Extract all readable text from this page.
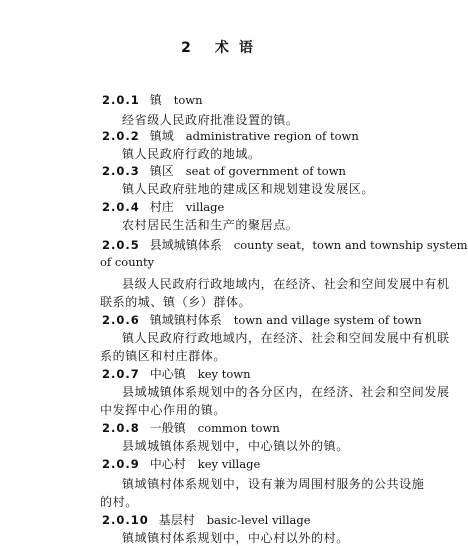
2 术语
2.0.1 镇 town
经省级人民政府批准设置的镇。
2.0.2 镇域 administrative region of town
镇人民政府行政的地域。
2.0.3 镇区 seat of government of town
镇人民政府驻地的建成区和规划建设发展区。
2.0.4 村庄 village
农村居民生活和生产的聚居点。
2.0.5 县域城镇体系 county seat，town and township system
of county
县级人民政府行政地域内，在经济、社会和空间发展中有机
联系的城、镇（乡）群体。
2.0.6 镇域镇村体系 town and village system of town
镇人民政府行政地域内，在经济、社会和空间发展中有机联
系的镇区和村庄群体。
2.0.7 中心镇 key town
县域城镇体系规划中的各分区内，在经济、社会和空间发展
中发挥中心作用的镇。
2.0.8 一般镇 common town
县域城镇体系规划中，中心镇以外的镇。
2.0.9 中心村 key village
镇域镇村体系规划中，设有兼为周围村服务的公共设施
的村。
2.0.10 基层村 basic-level village
镇域镇村体系规划中，中心村以外的村。
